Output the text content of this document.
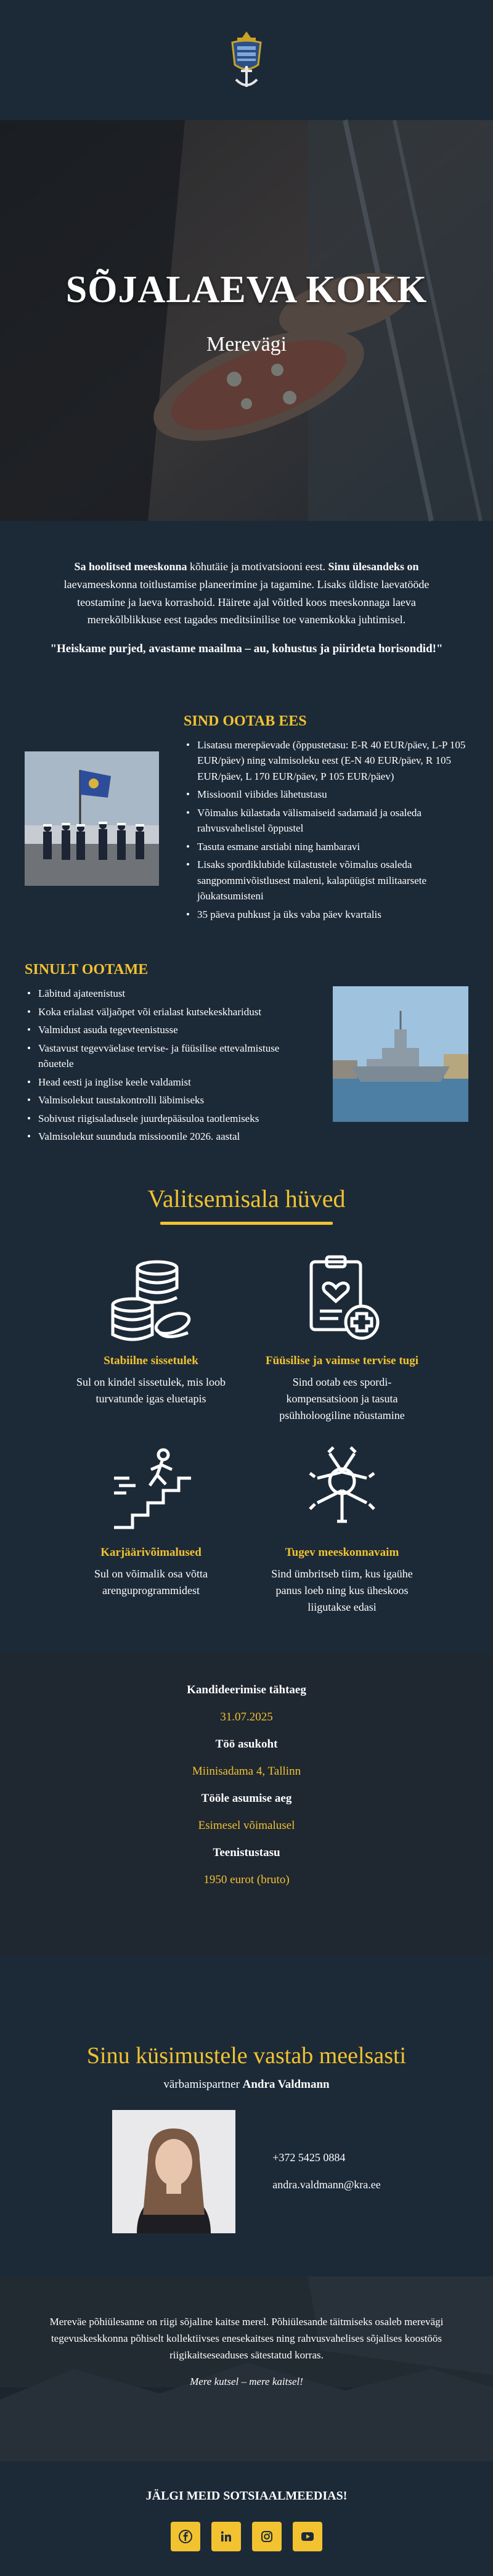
SÕJALAEVA KOKK
Merevägi

Sa hoolitsed meeskonna kõhutäie ja motivatsiooni eest. Sinu ülesandeks on laevameeskonna toitlustamise planeerimine ja tagamine. Lisaks üldiste laevatööde teostamine ja laeva korrashoid. Häirete ajal võitled koos meeskonnaga laeva merekõlblikkuse eest tagades meditsiinilise toe vanemkokka juhtimisel.

"Heiskame purjed, avastame maailma – au, kohustus ja piirideta horisondid!"

SIND OOTAB EES
• Lisatasu merepäevade (õppustetasu: E-R 40 EUR/päev, L-P 105 EUR/päev) ning valmisoleku eest (E-N 40 EUR/päev, R 105 EUR/päev, L 170 EUR/päev, P 105 EUR/päev)
• Missioonil viibides lähetustasu
• Võimalus külastada välismaiseid sadamaid ja osaleda rahvusvahelistel õppustel
• Tasuta esmane arstiabi ning hambaravi
• Lisaks spordiklubide külastustele võimalus osaleda sangpommivõistlusest maleni, kalapüügist militaarsete jõukatsumisteni
• 35 päeva puhkust ja üks vaba päev kvartalis
SINULT OOTAME
• Läbitud ajateenistust
• Koka erialast väljaõpet või erialast kutsekeskharidust
• Valmidust asuda tegevteenistusse
• Vastavust tegevväelase tervise- ja füüsilise ettevalmistuse nõuetele
• Head eesti ja inglise keele valdamist
• Valmisolekut taustakontrolli läbimiseks
• Sobivust riigisaladusele juurdepääsuloa taotlemiseks
• Valmisolekut suunduda missioonile 2026. aastal
Valitsemisala hüved
Stabiilne sissetulek
Sul on kindel sissetulek, mis loob turvatunde igas eluetapis
Füüsilise ja vaimse tervise tugi
Sind ootab ees spordi-kompensatsioon ja tasuta psühholoogiline nõustamine
Karjäärivõimalused
Sul on võimalik osa võtta arenguprogrammidest
Tugev meeskonnavaim
Sind ümbritseb tiim, kus igaühe panus loeb ning kus üheskoos liigutakse edasi
Kandideerimise tähtaeg
31.07.2025
Töö asukoht
Miinisadama 4, Tallinn
Tööle asumise aeg
Esimesel võimalusel
Teenistustasu
1950 eurot (bruto)
Sinu küsimustele vastab meelsasti
värbamispartner Andra Valdmann
+372 5425 0884
andra.valdmann@kra.ee
Mereväe põhiülesanne on riigi sõjaline kaitse merel. Põhiülesande täitmiseks osaleb merevägi tegevuskeskkonna põhiselt kollektiivses enesekaitses ning rahvusvahelises sõjalises koostöös riigikaitseseaduses sätestatud korras.
Mere kutsel – mere kaitsel!
JÄLGI MEID SOTSIAALMEEDIAS!
